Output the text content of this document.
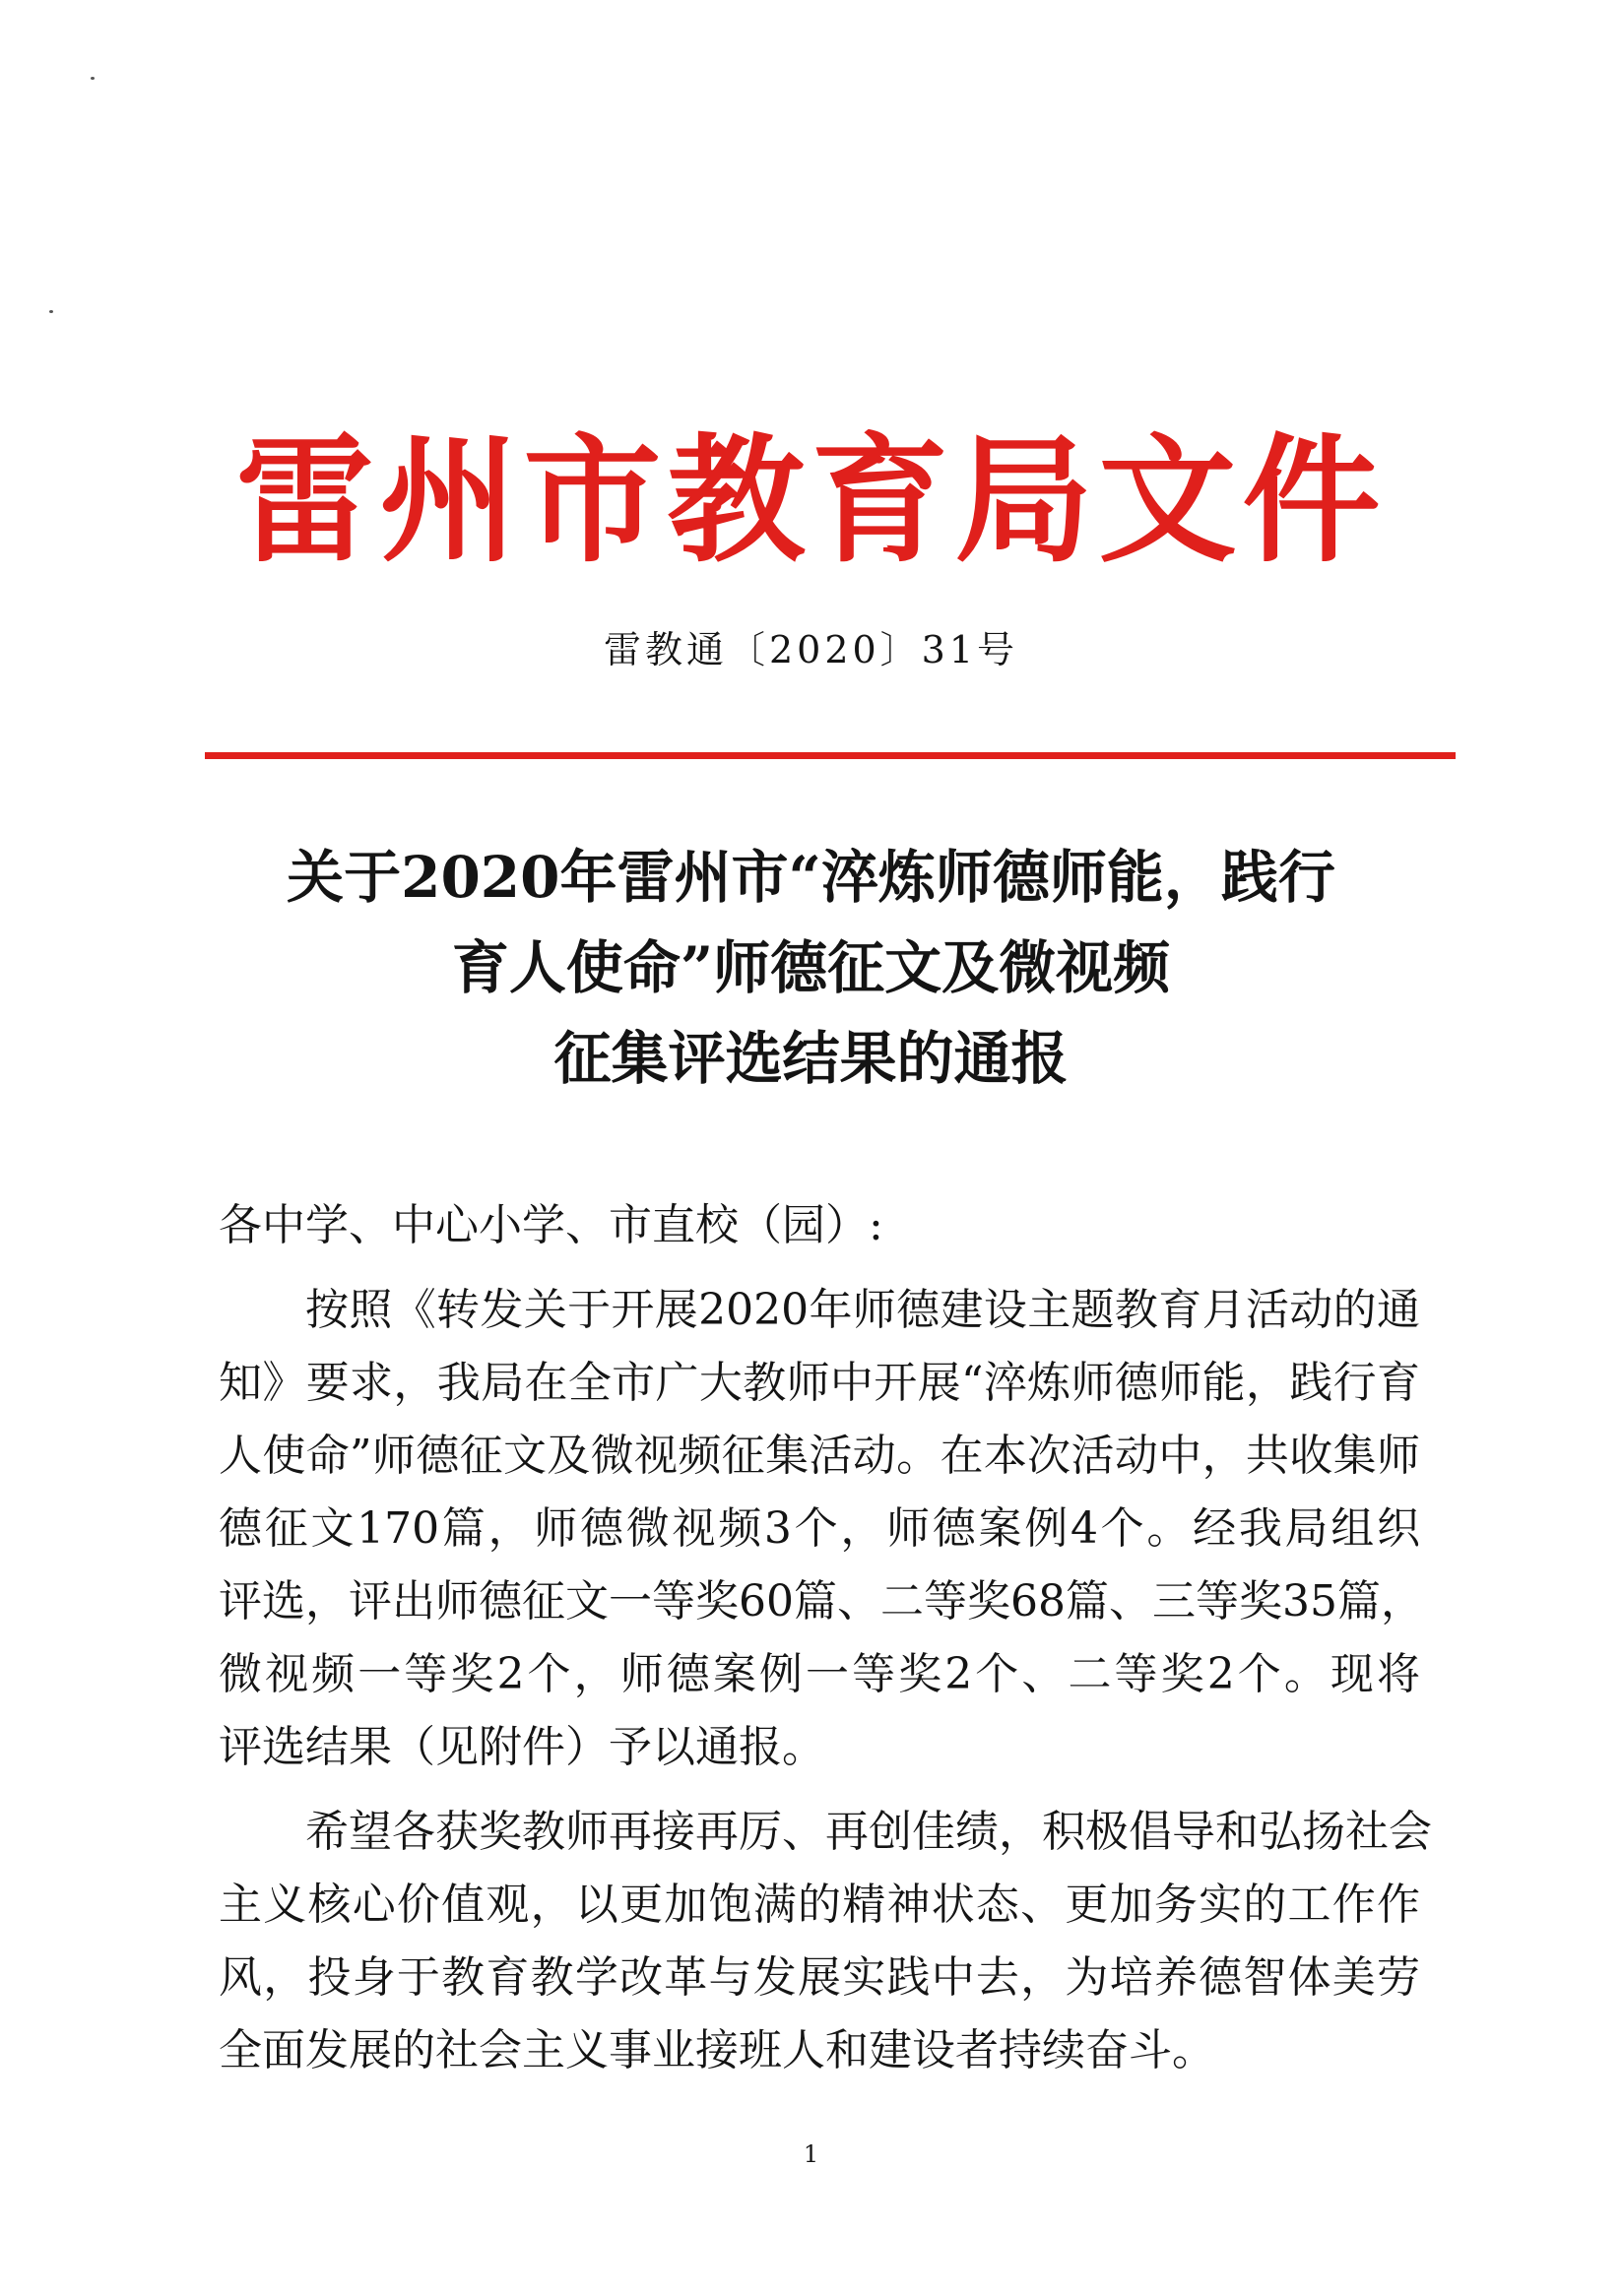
雷州市教育局文件
雷教通〔2020〕31号
关于2020年雷州市“淬炼师德师能，践行
育人使命”师德征文及微视频
征集评选结果的通报
各中学、中心小学、市直校（园）:
按照《转发关于开展2020年师德建设主题教育月活动的通
知》要求，我局在全市广大教师中开展“淬炼师德师能，践行育
人使命”师德征文及微视频征集活动。在本次活动中，共收集师
德征文170篇，师德微视频3个，师德案例4个。经我局组织
评选，评出师德征文一等奖60篇、二等奖68篇、三等奖35篇，
微视频一等奖2个，师德案例一等奖2个、二等奖2个。现将
评选结果（见附件）予以通报。
希望各获奖教师再接再厉、再创佳绩，积极倡导和弘扬社会
主义核心价值观，以更加饱满的精神状态、更加务实的工作作
风，投身于教育教学改革与发展实践中去，为培养德智体美劳
全面发展的社会主义事业接班人和建设者持续奋斗。
1
